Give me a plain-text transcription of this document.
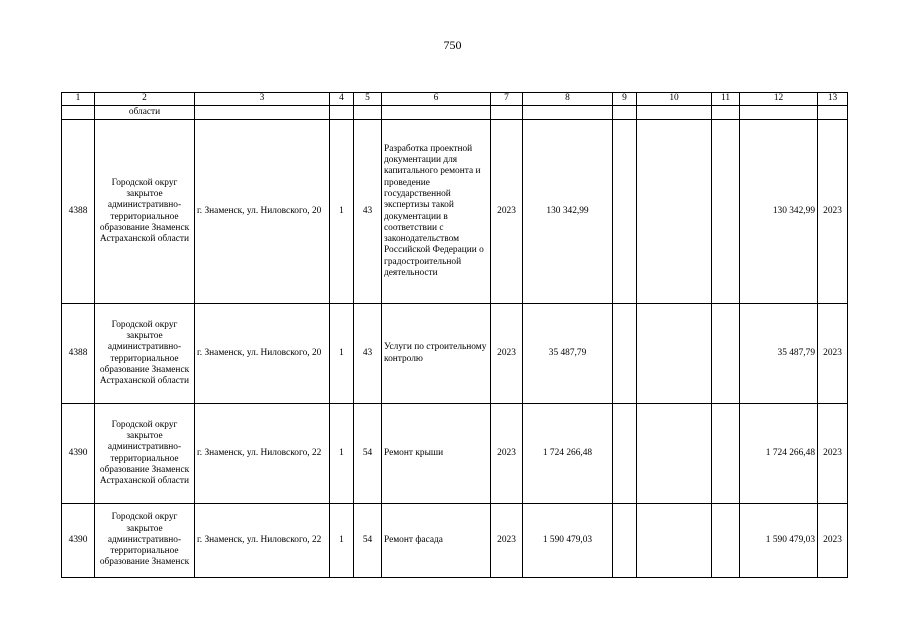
750
1	2	3	4	5	6	7	8	9	10	11	12	13
	области											
4388	Городской округ закрытое административно-территориальное образование Знаменск Астраханской области	г. Знаменск, ул. Ниловского, 20	1	43	Разработка проектной документации для капитального ремонта и проведение государственной экспертизы такой документации в соответствии с законодательством Российской Федерации о градостроительной деятельности	2023	130 342,99				130 342,99	2023
4388	Городской округ закрытое административно-территориальное образование Знаменск Астраханской области	г. Знаменск, ул. Ниловского, 20	1	43	Услуги по строительному контролю	2023	35 487,79				35 487,79	2023
4390	Городской округ закрытое административно-территориальное образование Знаменск Астраханской области	г. Знаменск, ул. Ниловского, 22	1	54	Ремонт крыши	2023	1 724 266,48				1 724 266,48	2023
4390	Городской округ закрытое административно-территориальное образование Знаменск	г. Знаменск, ул. Ниловского, 22	1	54	Ремонт фасада	2023	1 590 479,03				1 590 479,03	2023
